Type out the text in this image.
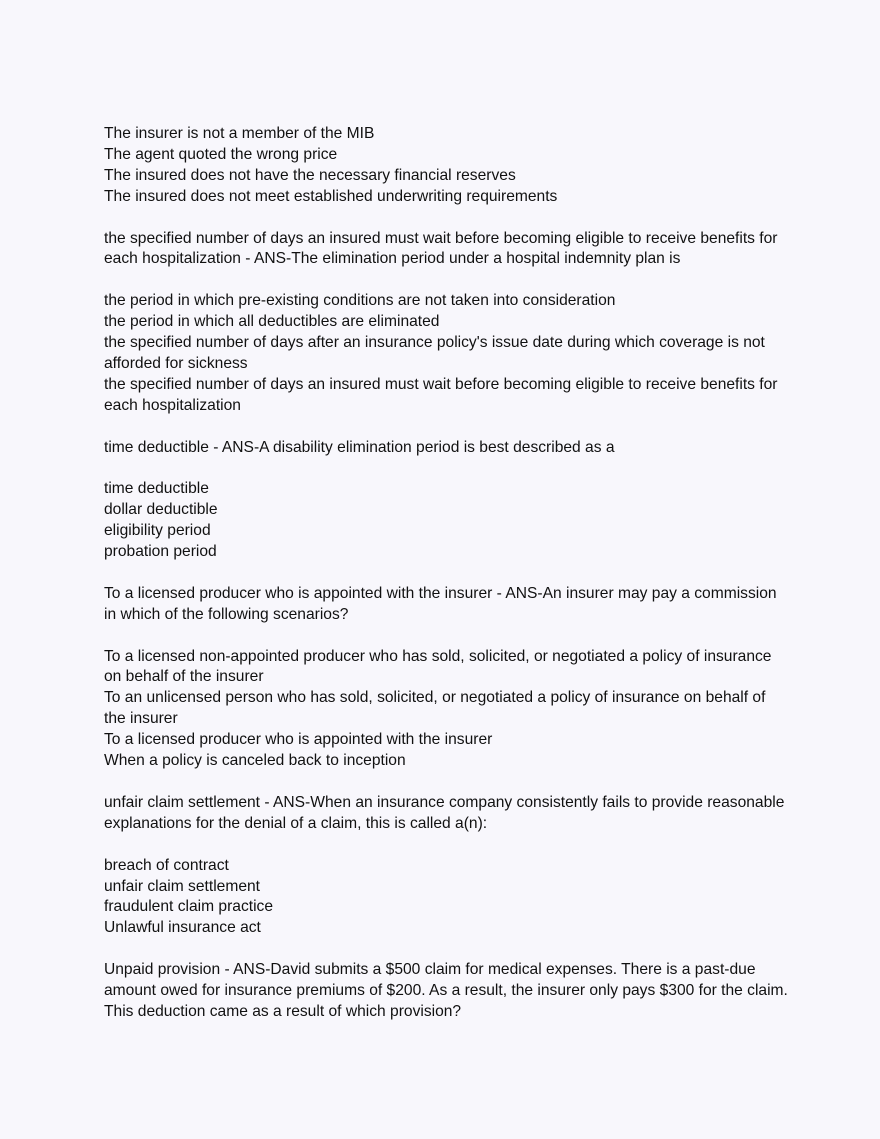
The insurer is not a member of the MIB
The agent quoted the wrong price
The insured does not have the necessary financial reserves
The insured does not meet established underwriting requirements
the specified number of days an insured must wait before becoming eligible to receive benefits for each hospitalization - ANS-The elimination period under a hospital indemnity plan is
the period in which pre-existing conditions are not taken into consideration
the period in which all deductibles are eliminated
the specified number of days after an insurance policy's issue date during which coverage is not afforded for sickness
the specified number of days an insured must wait before becoming eligible to receive benefits for each hospitalization
time deductible - ANS-A disability elimination period is best described as a
time deductible
dollar deductible
eligibility period
probation period
To a licensed producer who is appointed with the insurer - ANS-An insurer may pay a commission in which of the following scenarios?
To a licensed non-appointed producer who has sold, solicited, or negotiated a policy of insurance on behalf of the insurer
To an unlicensed person who has sold, solicited, or negotiated a policy of insurance on behalf of the insurer
To a licensed producer who is appointed with the insurer
When a policy is canceled back to inception
unfair claim settlement - ANS-When an insurance company consistently fails to provide reasonable explanations for the denial of a claim, this is called a(n):
breach of contract
unfair claim settlement
fraudulent claim practice
Unlawful insurance act
Unpaid provision - ANS-David submits a $500 claim for medical expenses. There is a past-due amount owed for insurance premiums of $200. As a result, the insurer only pays $300 for the claim. This deduction came as a result of which provision?
